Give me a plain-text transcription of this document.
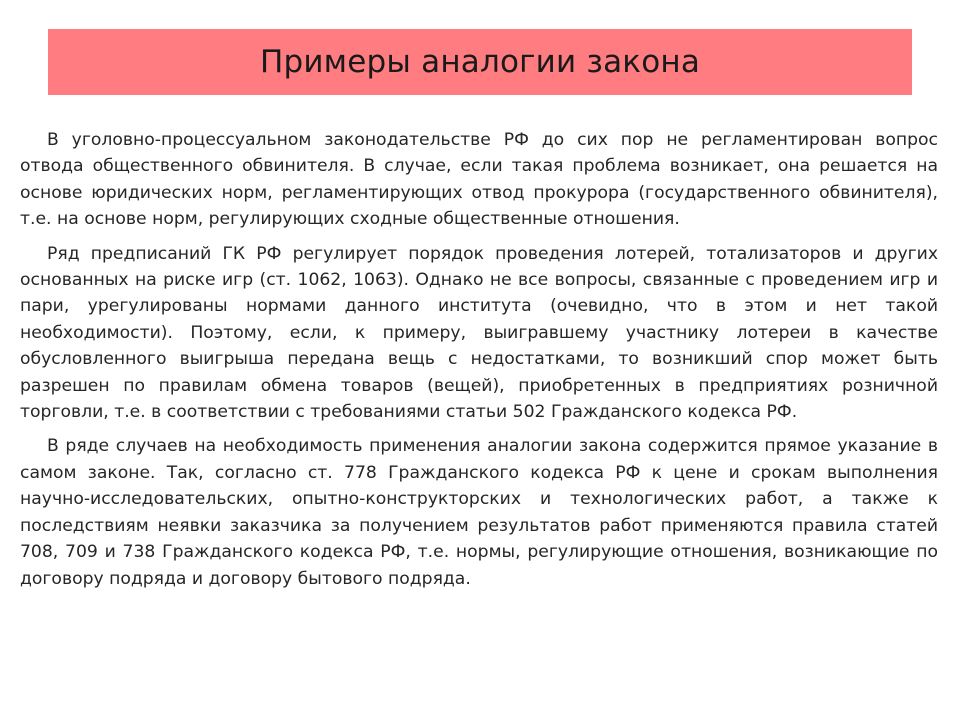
Примеры аналогии закона

В уголовно-процессуальном законодательстве РФ до сих пор не регламентирован вопрос отвода общественного обвинителя. В случае, если такая проблема возникает, она решается на основе юридических норм, регламентирующих отвод прокурора (государственного обвинителя), т.е. на основе норм, регулирующих сходные общественные отношения.

Ряд предписаний ГК РФ регулирует порядок проведения лотерей, тотализаторов и других основанных на риске игр (ст. 1062, 1063). Однако не все вопросы, связанные с проведением игр и пари, урегулированы нормами данного института (очевидно, что в этом и нет такой необходимости). Поэтому, если, к примеру, выигравшему участнику лотереи в качестве обусловленного выигрыша передана вещь с недостатками, то возникший спор может быть разрешен по правилам обмена товаров (вещей), приобретенных в предприятиях розничной торговли, т.е. в соответствии с требованиями статьи 502 Гражданского кодекса РФ.

В ряде случаев на необходимость применения аналогии закона содержится прямое указание в самом законе. Так, согласно ст. 778 Гражданского кодекса РФ к цене и срокам выполнения научно-исследовательских, опытно-конструкторских и технологических работ, а также к последствиям неявки заказчика за получением результатов работ применяются правила статей 708, 709 и 738 Гражданского кодекса РФ, т.е. нормы, регулирующие отношения, возникающие по договору подряда и договору бытового подряда.
